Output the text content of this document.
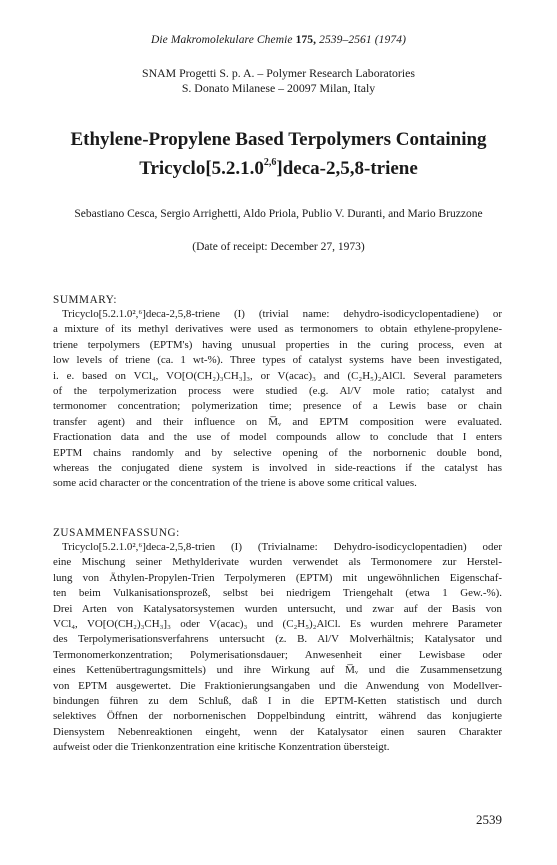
Die Makromolekulare Chemie 175, 2539–2561 (1974)
SNAM Progetti S. p. A. – Polymer Research Laboratories
S. Donato Milanese – 20097 Milan, Italy
Ethylene-Propylene Based Terpolymers Containing
Tricyclo[5.2.1.0$^{2,6}$]deca-2,5,8-triene
Sebastiano Cesca, Sergio Arrighetti, Aldo Priola, Publio V. Duranti, and Mario Bruzzone
(Date of receipt: December 27, 1973)
SUMMARY:
Tricyclo[5.2.1.0²,⁶]deca-2,5,8-triene (I) (trivial name: dehydro-isodicyclopentadiene) or
a mixture of its methyl derivatives were used as termonomers to obtain ethylene-propylene-
triene terpolymers (EPTM's) having unusual properties in the curing process, even at
low levels of triene (ca. 1 wt-%). Three types of catalyst systems have been investigated,
i. e. based on VCl₄, VO[O(CH₂)₃CH₃]₃, or V(acac)₃ and (C₂H₅)₂AlCl. Several parameters
of the terpolymerization process were studied (e.g. Al/V mole ratio; catalyst and
termonomer concentration; polymerization time; presence of a Lewis base or chain
transfer agent) and their influence on M̅ᵥ and EPTM composition were evaluated.
Fractionation data and the use of model compounds allow to conclude that I enters
EPTM chains randomly and by selective opening of the norbornenic double bond,
whereas the conjugated diene system is involved in side-reactions if the catalyst has
some acid character or the concentration of the triene is above some critical values.
ZUSAMMENFASSUNG:
Tricyclo[5.2.1.0²,⁶]deca-2,5,8-trien (I) (Trivialname: Dehydro-isodicyclopentadien) oder
eine Mischung seiner Methylderivate wurden verwendet als Termonomere zur Herstel-
lung von Äthylen-Propylen-Trien Terpolymeren (EPTM) mit ungewöhnlichen Eigenschaf-
ten beim Vulkanisationsprozeß, selbst bei niedrigem Triengehalt (etwa 1 Gew.-%).
Drei Arten von Katalysatorsystemen wurden untersucht, und zwar auf der Basis von
VCl₄, VO[O(CH₂)₃CH₃]₃ oder V(acac)₃ und (C₂H₅)₂AlCl. Es wurden mehrere Parameter
des Terpolymerisationsverfahrens untersucht (z. B. Al/V Molverhältnis; Katalysator und
Termonomerkonzentration; Polymerisationsdauer; Anwesenheit einer Lewisbase oder
eines Kettenübertragungsmittels) und ihre Wirkung auf M̅ᵥ und die Zusammensetzung
von EPTM ausgewertet. Die Fraktionierungsangaben und die Anwendung von Modellver-
bindungen führen zu dem Schluß, daß I in die EPTM-Ketten statistisch und durch
selektives Öffnen der norbornenischen Doppelbindung eintritt, während das konjugierte
Diensystem Nebenreaktionen eingeht, wenn der Katalysator einen sauren Charakter
aufweist oder die Trienkonzentration eine kritische Konzentration übersteigt.
2539
